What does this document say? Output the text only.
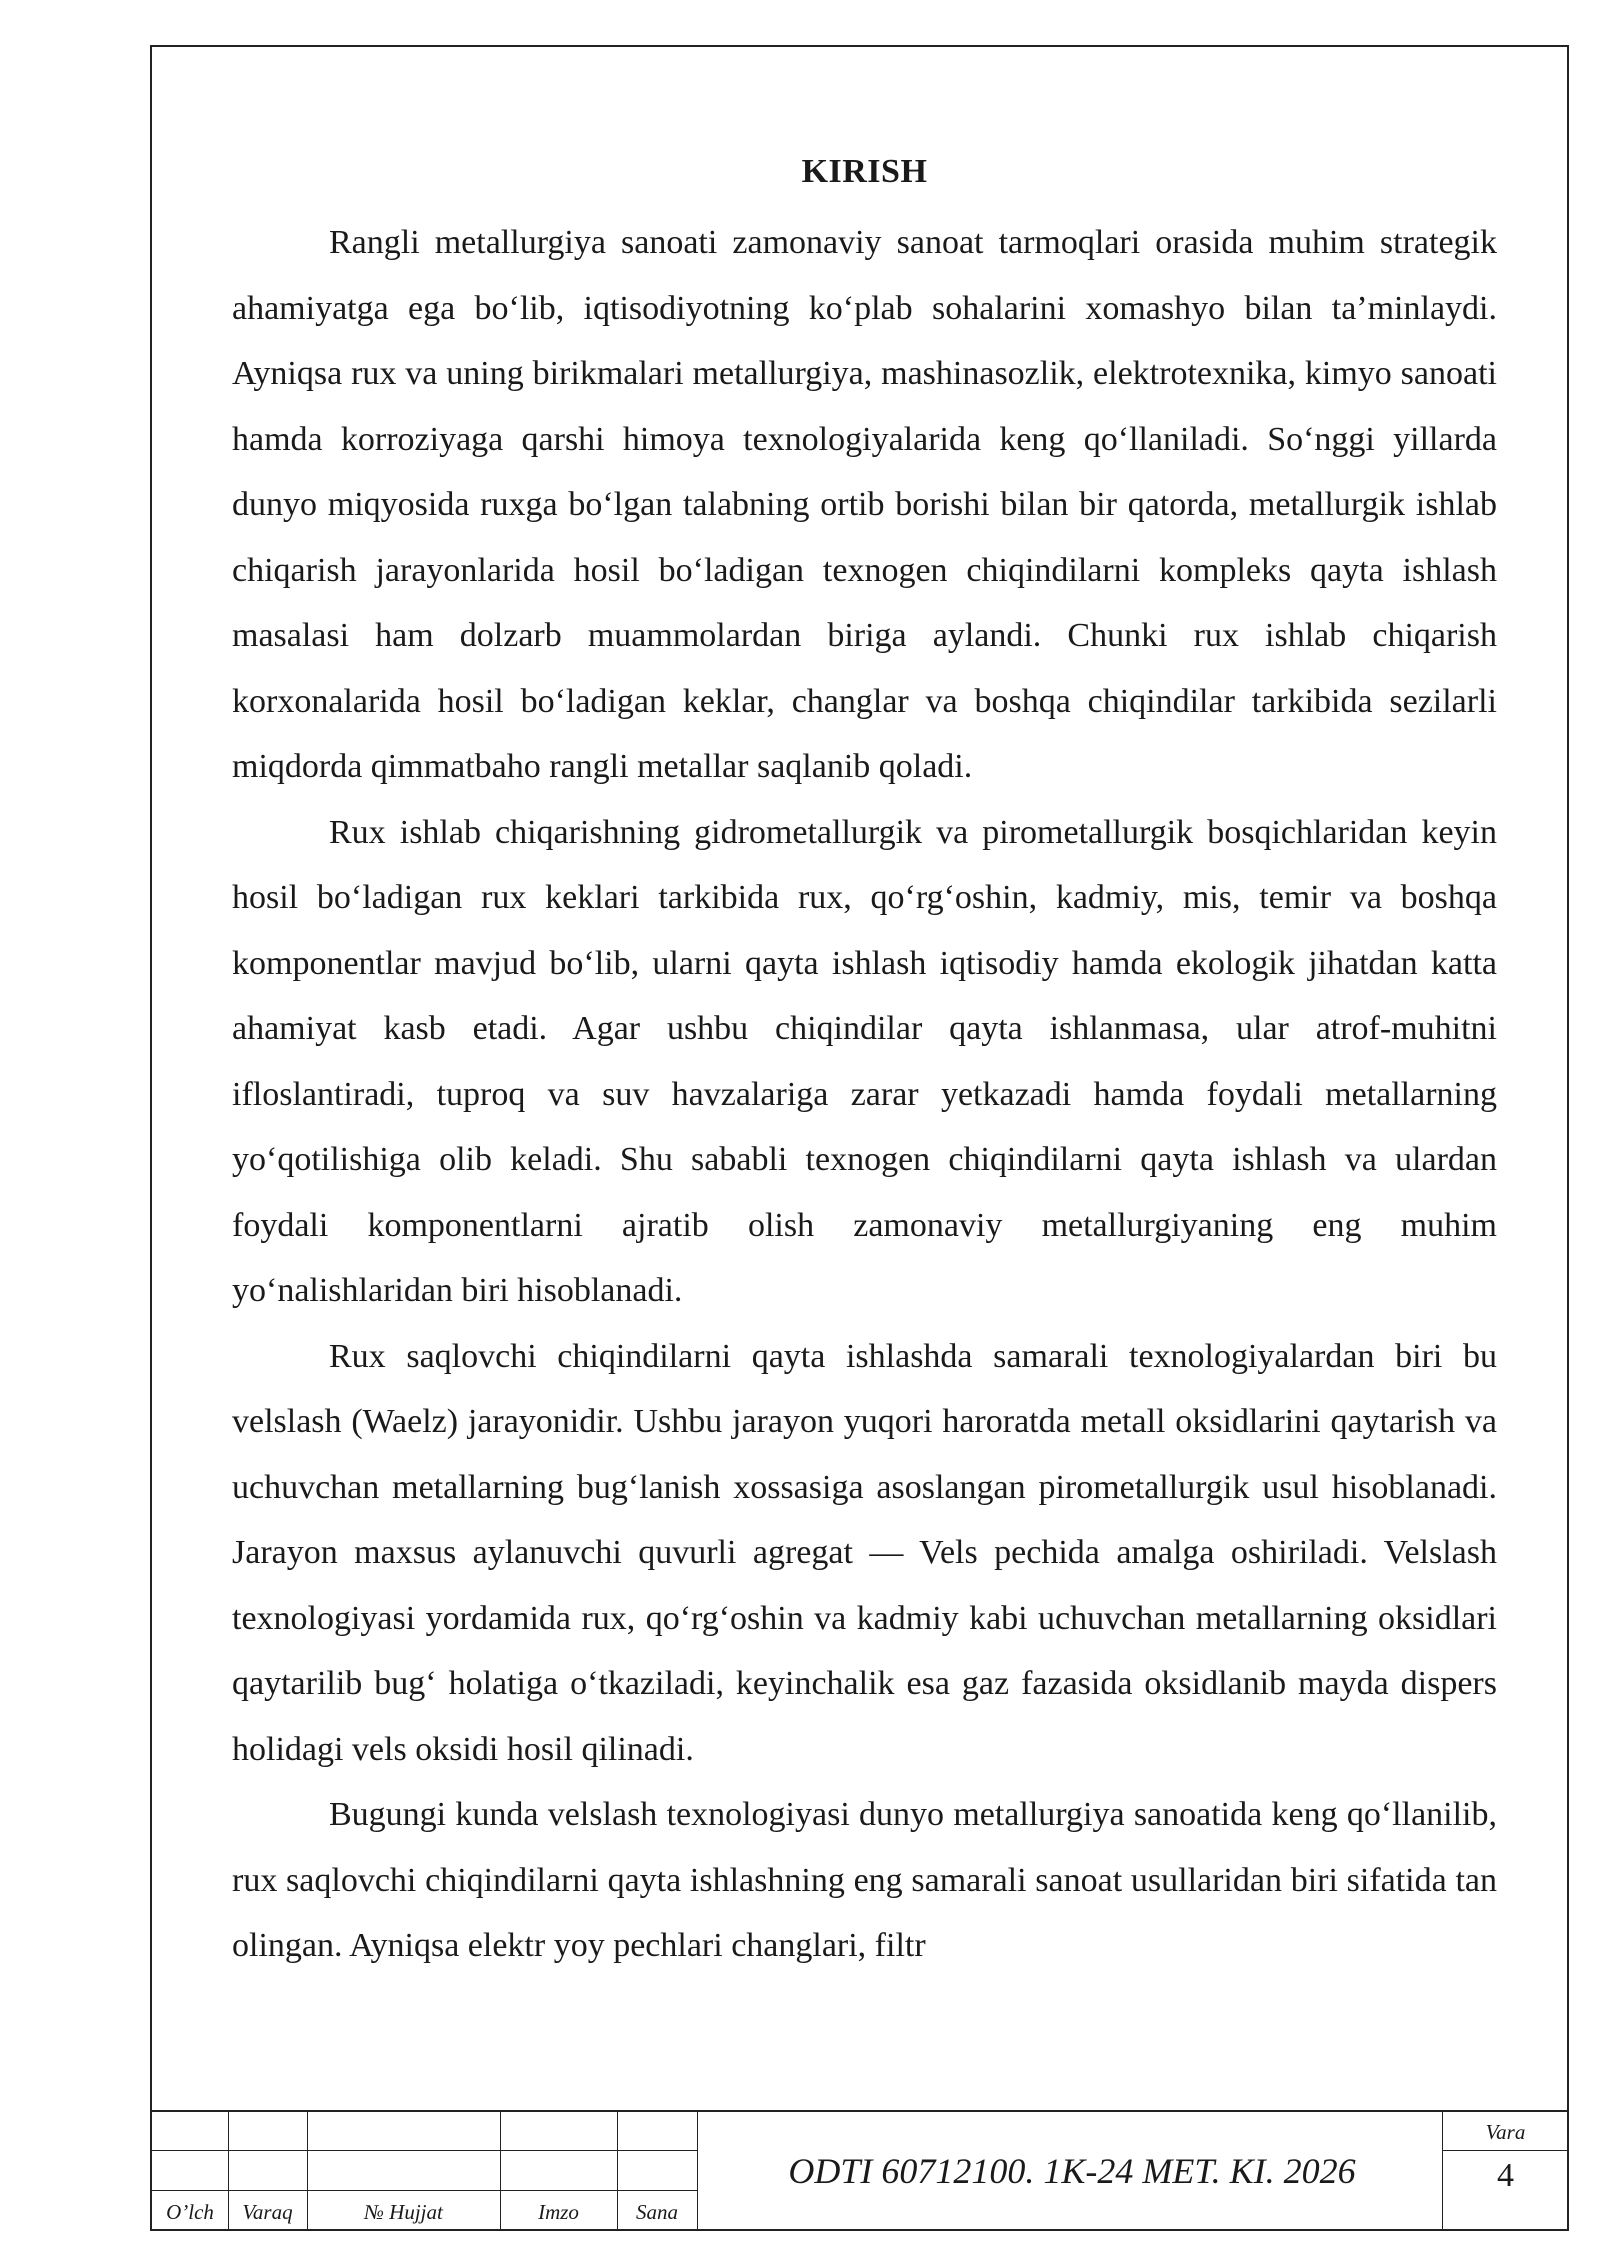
KIRISH

Rangli metallurgiya sanoati zamonaviy sanoat tarmoqlari orasida muhim strategik ahamiyatga ega bo‘lib, iqtisodiyotning ko‘plab sohalarini xomashyo bilan ta’minlaydi. Ayniqsa rux va uning birikmalari metallurgiya, mashinasozlik, elektrotexnika, kimyo sanoati hamda korroziyaga qarshi himoya texnologiyalarida keng qo‘llaniladi. So‘nggi yillarda dunyo miqyosida ruxga bo‘lgan talabning ortib borishi bilan bir qatorda, metallurgik ishlab chiqarish jarayonlarida hosil bo‘ladigan texnogen chiqindilarni kompleks qayta ishlash masalasi ham dolzarb muammolardan biriga aylandi. Chunki rux ishlab chiqarish korxonalarida hosil bo‘ladigan keklar, changlar va boshqa chiqindilar tarkibida sezilarli miqdorda qimmatbaho rangli metallar saqlanib qoladi.

Rux ishlab chiqarishning gidrometallurgik va pirometallurgik bosqichlaridan keyin hosil bo‘ladigan rux keklari tarkibida rux, qo‘rg‘oshin, kadmiy, mis, temir va boshqa komponentlar mavjud bo‘lib, ularni qayta ishlash iqtisodiy hamda ekologik jihatdan katta ahamiyat kasb etadi. Agar ushbu chiqindilar qayta ishlanmasa, ular atrof-muhitni ifloslantiradi, tuproq va suv havzalariga zarar yetkazadi hamda foydali metallarning yo‘qotilishiga olib keladi. Shu sababli texnogen chiqindilarni qayta ishlash va ulardan foydali komponentlarni ajratib olish zamonaviy metallurgiyaning eng muhim yo‘nalishlaridan biri hisoblanadi.

Rux saqlovchi chiqindilarni qayta ishlashda samarali texnologiyalardan biri bu velslash (Waelz) jarayonidir. Ushbu jarayon yuqori haroratda metall oksidlarini qaytarish va uchuvchan metallarning bug‘lanish xossasiga asoslangan pirometallurgik usul hisoblanadi. Jarayon maxsus aylanuvchi quvurli agregat — Vels pechida amalga oshiriladi. Velslash texnologiyasi yordamida rux, qo‘rg‘oshin va kadmiy kabi uchuvchan metallarning oksidlari qaytarilib bug‘ holatiga o‘tkaziladi, keyinchalik esa gaz fazasida oksidlanib mayda dispers holidagi vels oksidi hosil qilinadi.

Bugungi kunda velslash texnologiyasi dunyo metallurgiya sanoatida keng qo‘llanilib, rux saqlovchi chiqindilarni qayta ishlashning eng samarali sanoat usullaridan biri sifatida tan olingan. Ayniqsa elektr yoy pechlari changlari, filtr

O’lch	Varaq	№ Hujjat	Imzo	Sana
ODTI 60712100. 1K-24 MET. KI. 2026
Vara
4
